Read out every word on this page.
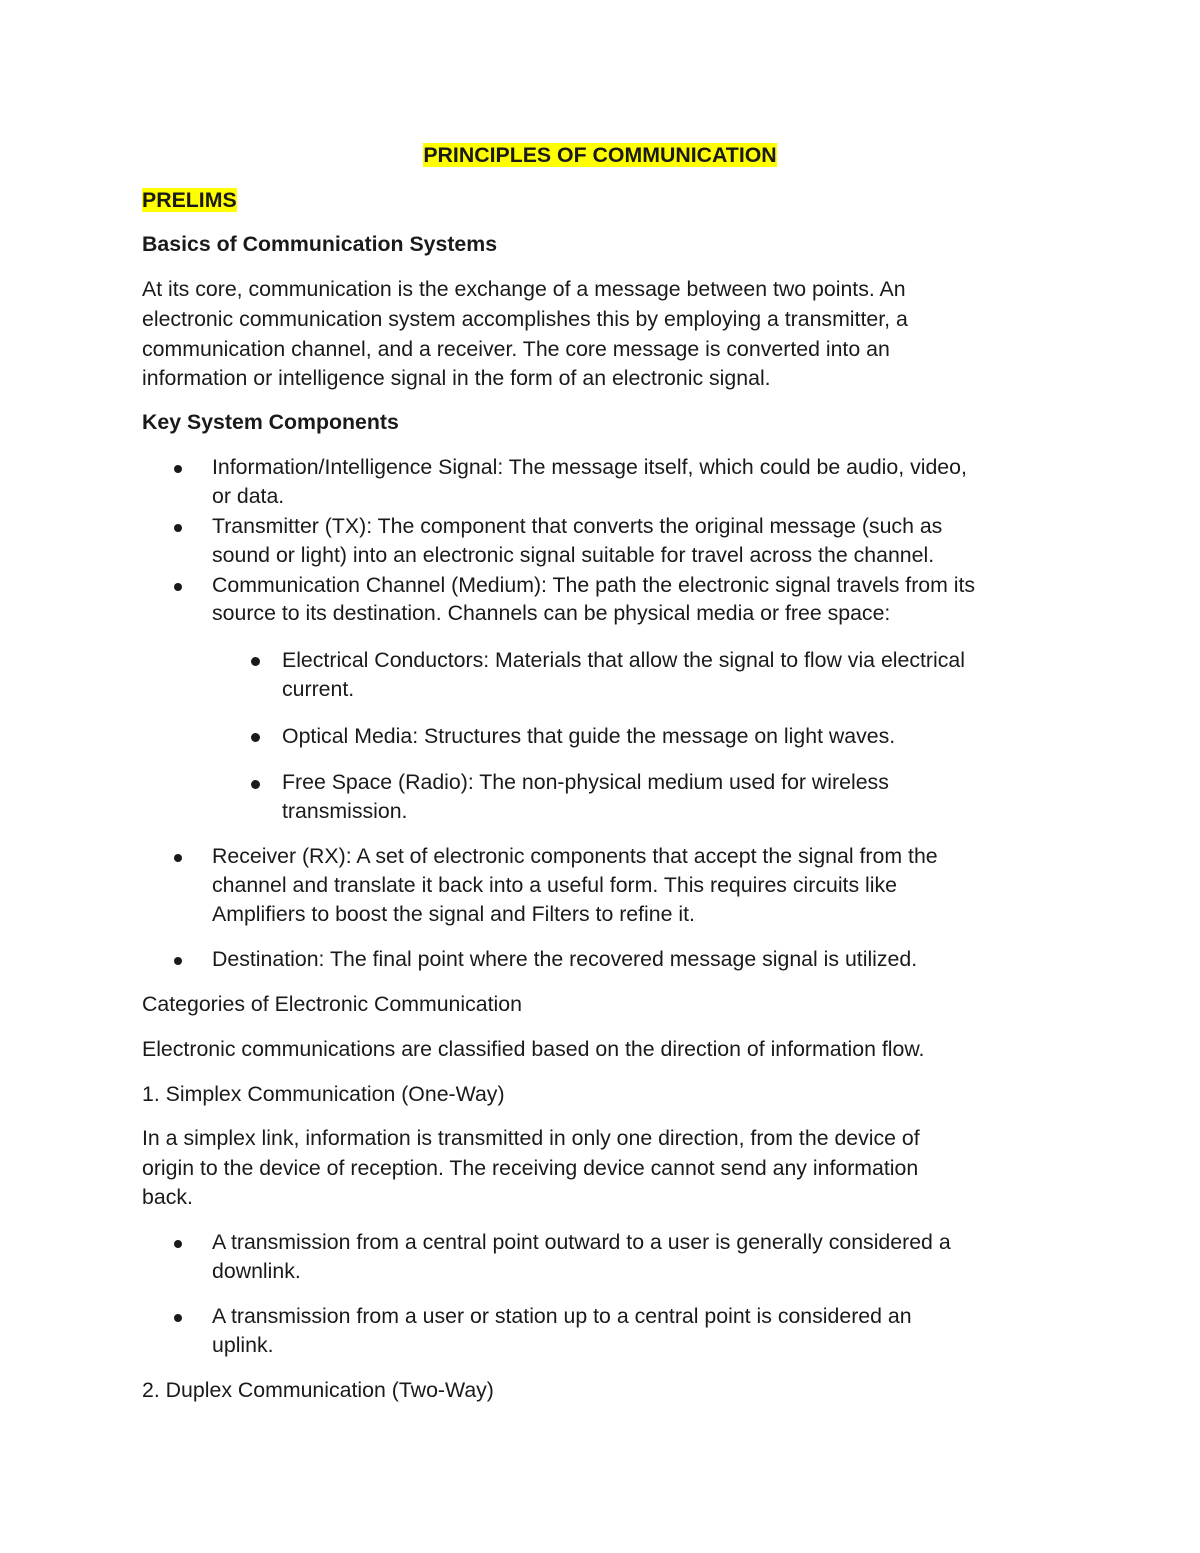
PRINCIPLES OF COMMUNICATION

PRELIMS

Basics of Communication Systems

At its core, communication is the exchange of a message between two points. An

electronic communication system accomplishes this by employing a transmitter, a

communication channel, and a receiver. The core message is converted into an

information or intelligence signal in the form of an electronic signal.

Key System Components

Information/Intelligence Signal: The message itself, which could be audio, video,

or data.

Transmitter (TX): The component that converts the original message (such as

sound or light) into an electronic signal suitable for travel across the channel.

Communication Channel (Medium): The path the electronic signal travels from its

source to its destination. Channels can be physical media or free space:

Electrical Conductors: Materials that allow the signal to flow via electrical

current.

Optical Media: Structures that guide the message on light waves.

Free Space (Radio): The non-physical medium used for wireless

transmission.

Receiver (RX): A set of electronic components that accept the signal from the

channel and translate it back into a useful form. This requires circuits like

Amplifiers to boost the signal and Filters to refine it.

Destination: The final point where the recovered message signal is utilized.

Categories of Electronic Communication

Electronic communications are classified based on the direction of information flow.

1. Simplex Communication (One-Way)

In a simplex link, information is transmitted in only one direction, from the device of

origin to the device of reception. The receiving device cannot send any information

back.

A transmission from a central point outward to a user is generally considered a

downlink.

A transmission from a user or station up to a central point is considered an

uplink.

2. Duplex Communication (Two-Way)
